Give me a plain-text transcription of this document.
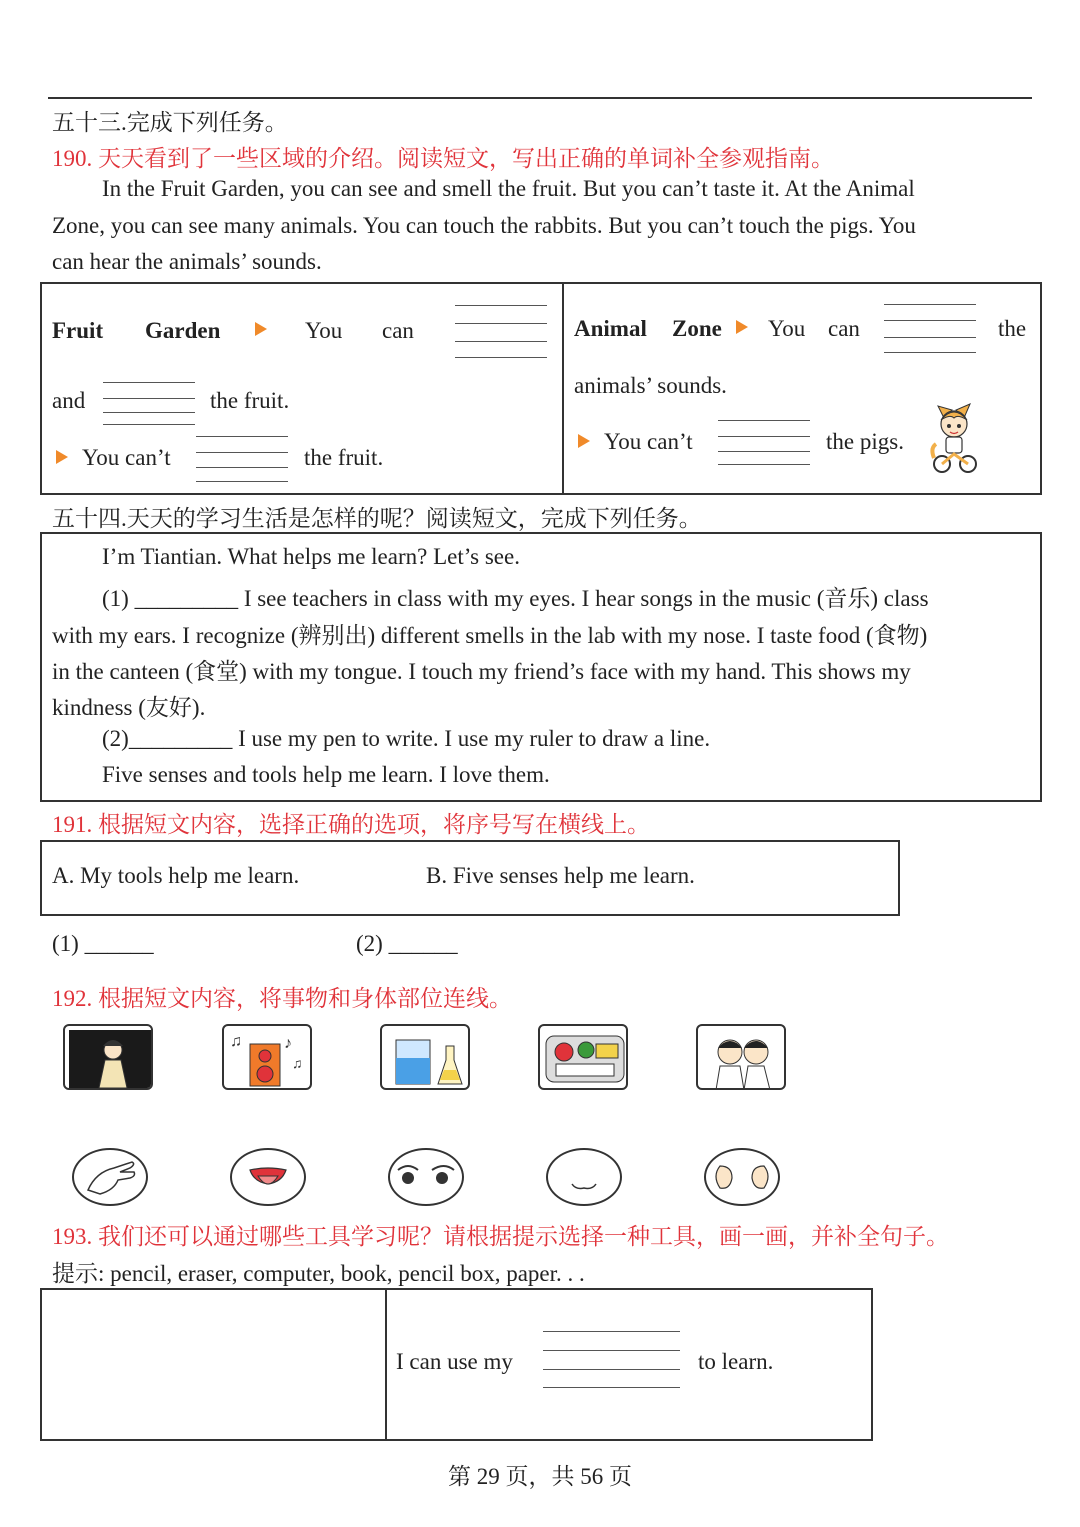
五十三.完成下列任务。
190. 天天看到了一些区域的介绍。阅读短文，写出正确的单词补全参观指南。
In the Fruit Garden, you can see and smell the fruit. But you can’t taste it. At the Animal
Zone, you can see many animals. You can touch the rabbits. But you can’t touch the pigs. You
can hear the animals’ sounds.
Fruit Garden	You can
and	the fruit.
You can’t	the fruit.
Animal Zone You can	the
animals’ sounds.
You can’t	the pigs.
五十四.天天的学习生活是怎样的呢？阅读短文，完成下列任务。
I’m Tiantian. What helps me learn? Let’s see.
(1) _________ I see teachers in class with my eyes. I hear songs in the music (音乐) class
with my ears. I recognize (辨别出) different smells in the lab with my nose. I taste food (食物)
in the canteen (食堂) with my tongue. I touch my friend’s face with my hand. This shows my
kindness (友好).
(2)_________ I use my pen to write. I use my ruler to draw a line.
Five senses and tools help me learn. I love them.
191. 根据短文内容，选择正确的选项，将序号写在横线上。
A. My tools help me learn.	B. Five senses help me learn.
(1) ______	(2) ______
192. 根据短文内容，将事物和身体部位连线。
♫	♪
♫
193. 我们还可以通过哪些工具学习呢？请根据提示选择一种工具，画一画，并补全句子。
提示: pencil, eraser, computer, book, pencil box, paper. . .
I can use my	to learn.
第 29 页，共 56 页
